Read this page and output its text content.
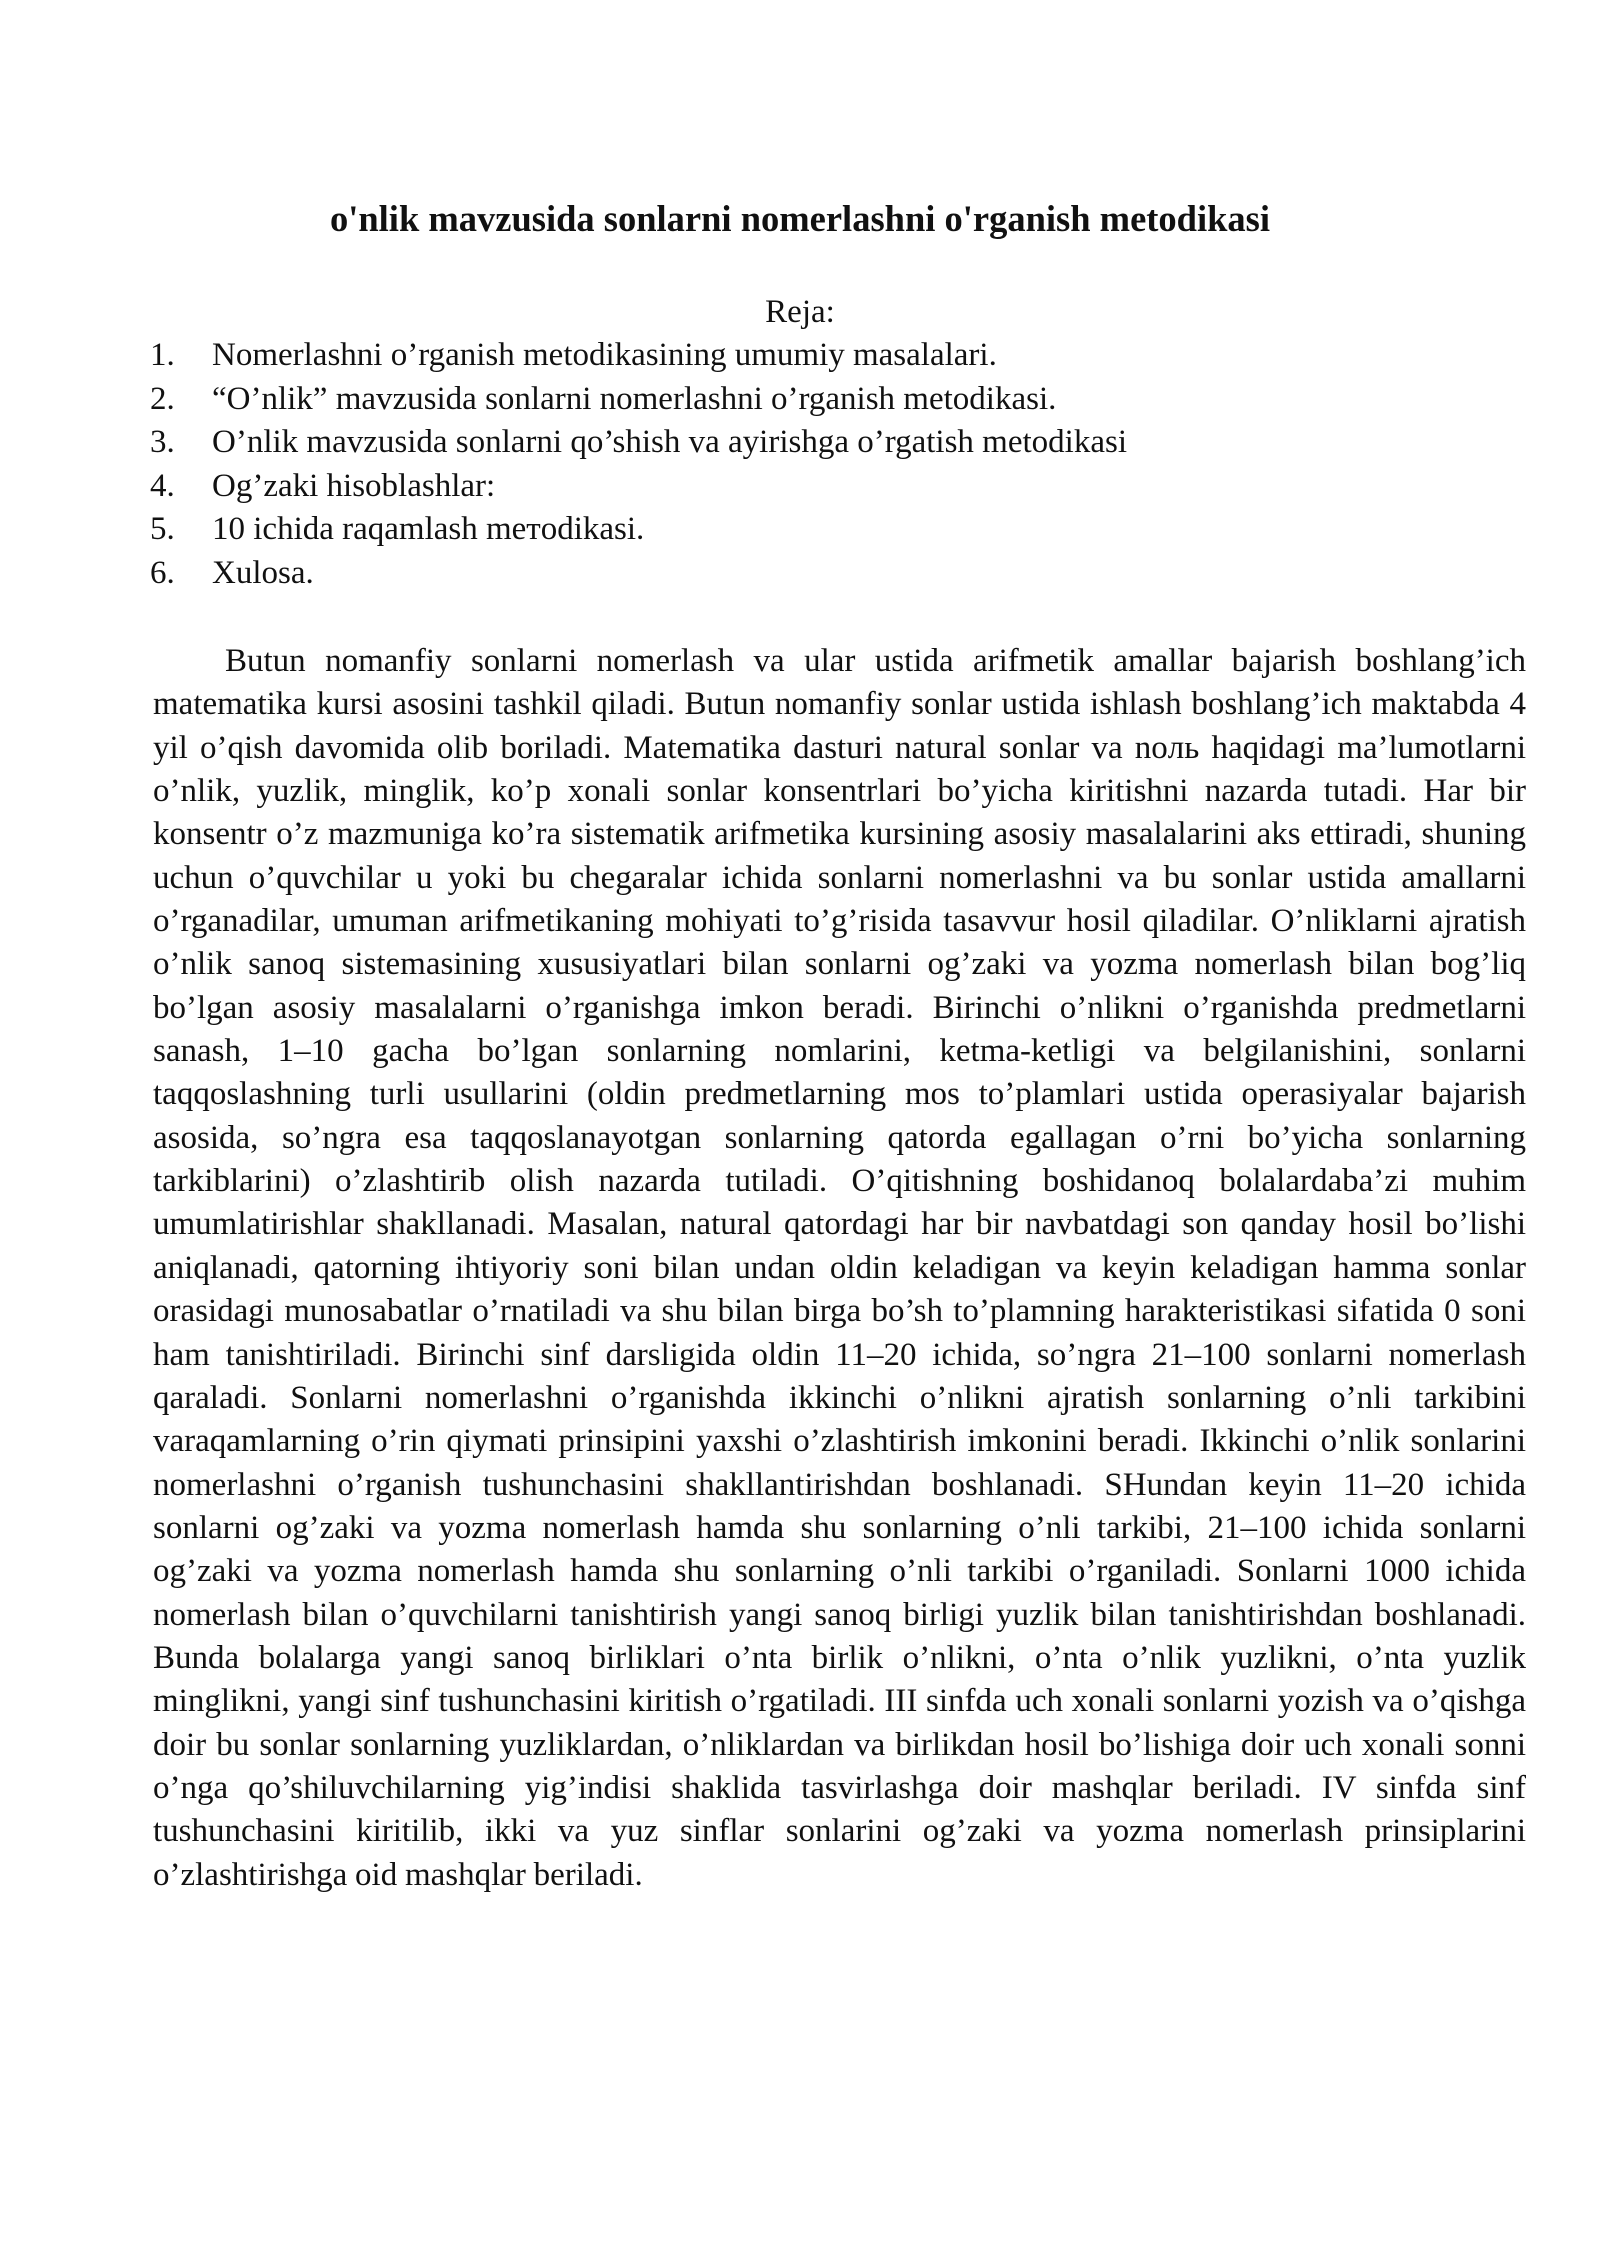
o'nlik mavzusida sonlarni nomerlashni o'rganish metodikasi
Reja:
1. Nomerlashni o’rganish metodikasining umumiy masalalari.
2. “O’nlik” mavzusida sonlarni nomerlashni o’rganish metodikasi.
3. O’nlik mavzusida sonlarni qo’shish va ayirishga o’rgatish metodikasi
4. Og’zaki hisoblashlar:
5. 10 ichida raqamlash meтodikasi.
6. Xulosa.

Butun nomanfiy sonlarni nomerlash va ular ustida arifmetik amallar bajarish boshlang’ich matematika kursi asosini tashkil qiladi. Butun nomanfiy sonlar ustida ishlash boshlang’ich maktabda 4 yil o’qish davomida olib boriladi. Matematika dasturi natural sonlar va noль haqidagi ma’lumotlarni o’nlik, yuzlik, minglik, ko’p xonali sonlar konsentrlari bo’yicha kiritishni nazarda tutadi. Har bir konsentr o’z mazmuniga ko’ra sistematik arifmetika kursining asosiy masalalarini aks ettiradi, shuning uchun o’quvchilar u yoki bu chegaralar ichida sonlarni nomerlashni va bu sonlar ustida amallarni o’rganadilar, umuman arifmetikaning mohiyati to’g’risida tasavvur hosil qiladilar. O’nliklarni ajratish o’nlik sanoq sistemasining xususiyatlari bilan sonlarni og’zaki va yozma nomerlash bilan bog’liq bo’lgan asosiy masalalarni o’rganishga imkon beradi. Birinchi o’nlikni o’rganishda predmetlarni sanash, 1–10 gacha bo’lgan sonlarning nomlarini, ketma-ketligi va belgilanishini, sonlarni taqqoslashning turli usullarini (oldin predmetlarning mos to’plamlari ustida operasiyalar bajarish asosida, so’ngra esa taqqoslanayotgan sonlarning qatorda egallagan o’rni bo’yicha sonlarning tarkiblarini) o’zlashtirib olish nazarda tutiladi. O’qitishning boshidanoq bolalardaba’zi muhim umumlatirishlar shakllanadi. Masalan, natural qatordagi har bir navbatdagi son qanday hosil bo’lishi aniqlanadi, qatorning ihtiyoriy soni bilan undan oldin keladigan va keyin keladigan hamma sonlar orasidagi munosabatlar o’rnatiladi va shu bilan birga bo’sh to’plamning harakteristikasi sifatida 0 soni ham tanishtiriladi. Birinchi sinf darsligida oldin 11–20 ichida, so’ngra 21–100 sonlarni nomerlash qaraladi. Sonlarni nomerlashni o’rganishda ikkinchi o’nlikni ajratish sonlarning o’nli tarkibini varaqamlarning o’rin qiymati prinsipini yaxshi o’zlashtirish imkonini beradi. Ikkinchi o’nlik sonlarini nomerlashni o’rganish tushunchasini shakllantirishdan boshlanadi. SHundan keyin 11–20 ichida sonlarni og’zaki va yozma nomerlash hamda shu sonlarning o’nli tarkibi, 21–100 ichida sonlarni og’zaki va yozma nomerlash hamda shu sonlarning o’nli tarkibi o’rganiladi. Sonlarni 1000 ichida nomerlash bilan o’quvchilarni tanishtirish yangi sanoq birligi yuzlik bilan tanishtirishdan boshlanadi. Bunda bolalarga yangi sanoq birliklari o’nta birlik o’nlikni, o’nta o’nlik yuzlikni, o’nta yuzlik minglikni, yangi sinf tushunchasini kiritish o’rgatiladi. III sinfda uch xonali sonlarni yozish va o’qishga doir bu sonlar sonlarning yuzliklardan, o’nliklardan va birlikdan hosil bo’lishiga doir uch xonali sonni o’nga qo’shiluvchilarning yig’indisi shaklida tasvirlashga doir mashqlar beriladi. IV sinfda sinf tushunchasini kiritilib, ikki va yuz sinflar sonlarini og’zaki va yozma nomerlash prinsiplarini o’zlashtirishga oid mashqlar beriladi.
